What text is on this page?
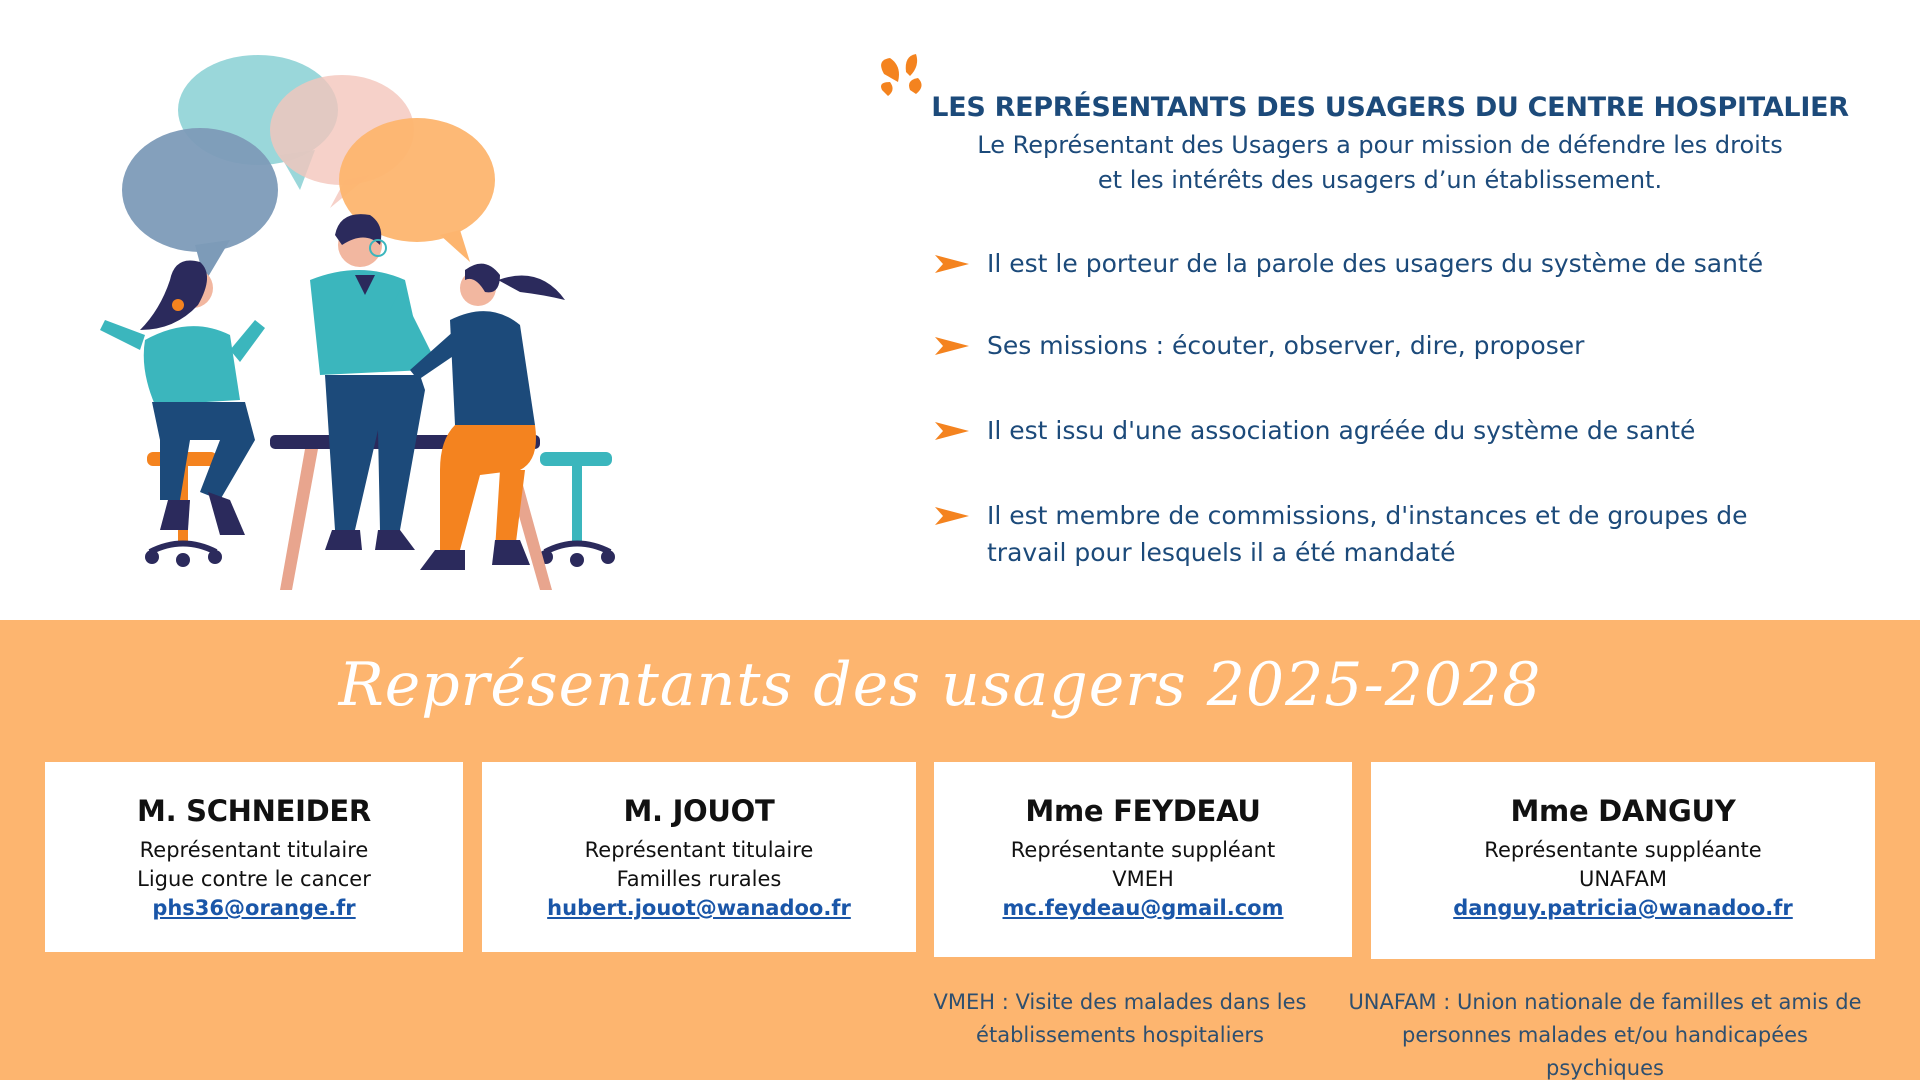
LES REPRÉSENTANTS DES USAGERS DU CENTRE HOSPITALIER
Le Représentant des Usagers a pour mission de défendre les droits
et les intérêts des usagers d’un établissement.
Il est le porteur de la parole des usagers du système de santé
Ses missions : écouter, observer, dire, proposer
Il est issu d'une association agréée du système de santé
Il est membre de commissions, d'instances et de groupes de travail pour lesquels il a été mandaté
Représentants des usagers 2025-2028
M. SCHNEIDER
Représentant titulaire
Ligue contre le cancer
phs36@orange.fr
M. JOUOT
Représentant titulaire
Familles rurales
hubert.jouot@wanadoo.fr
Mme FEYDEAU
Représentante suppléant
VMEH
mc.feydeau@gmail.com
Mme DANGUY
Représentante suppléante
UNAFAM
danguy.patricia@wanadoo.fr
VMEH : Visite des malades dans les
établissements hospitaliers
UNAFAM : Union nationale de familles et amis de
personnes malades et/ou handicapées psychiques
